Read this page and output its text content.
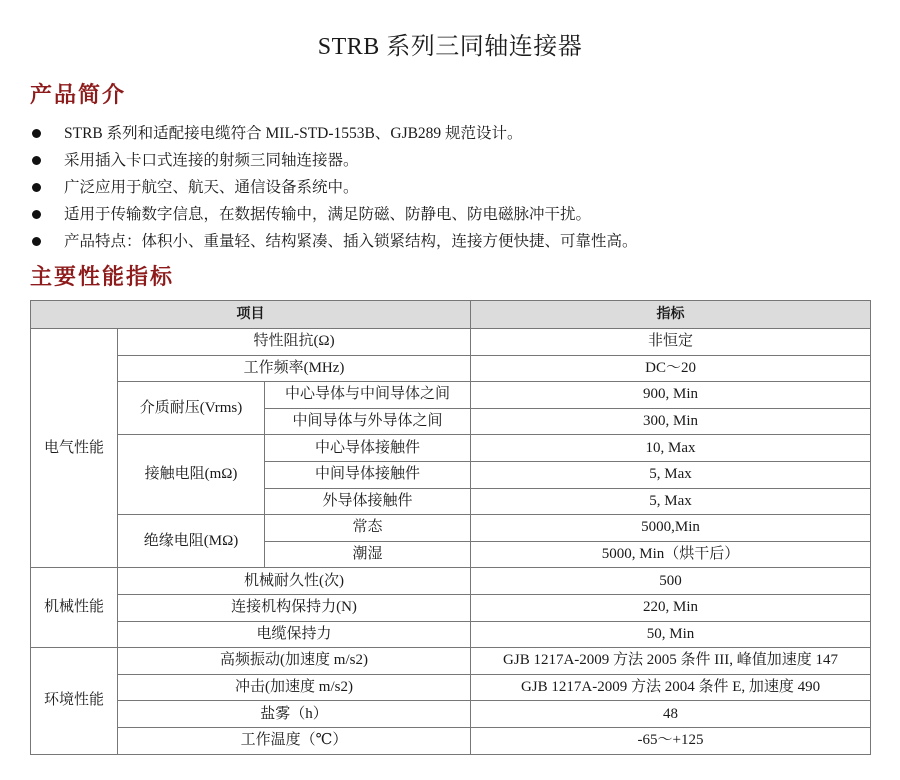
STRB 系列三同轴连接器
产品简介
STRB 系列和适配接电缆符合 MIL-STD-1553B、GJB289 规范设计。
采用插入卡口式连接的射频三同轴连接器。
广泛应用于航空、航天、通信设备系统中。
适用于传输数字信息，在数据传输中，满足防磁、防静电、防电磁脉冲干扰。
产品特点：体积小、重量轻、结构紧凑、插入锁紧结构，连接方便快捷、可靠性高。
主要性能指标
项目			指标
电气性能	特性阻抗(Ω)		非恒定
	工作频率(MHz)		DC～20
	介质耐压(Vrms)	中心导体与中间导体之间	900, Min
		中间导体与外导体之间	300, Min
	接触电阻(mΩ)	中心导体接触件	10, Max
		中间导体接触件	5, Max
		外导体接触件	5, Max
	绝缘电阻(MΩ)	常态	5000,Min
		潮湿	5000, Min（烘干后）
机械性能	机械耐久性(次)		500
	连接机构保持力(N)		220, Min
	电缆保持力		50, Min
环境性能	高频振动(加速度 m/s2)		GJB 1217A-2009 方法 2005 条件 III, 峰值加速度 147
	冲击(加速度 m/s2)		GJB 1217A-2009 方法 2004 条件 E, 加速度 490
	盐雾（h）		48
	工作温度（℃）		-65～+125
